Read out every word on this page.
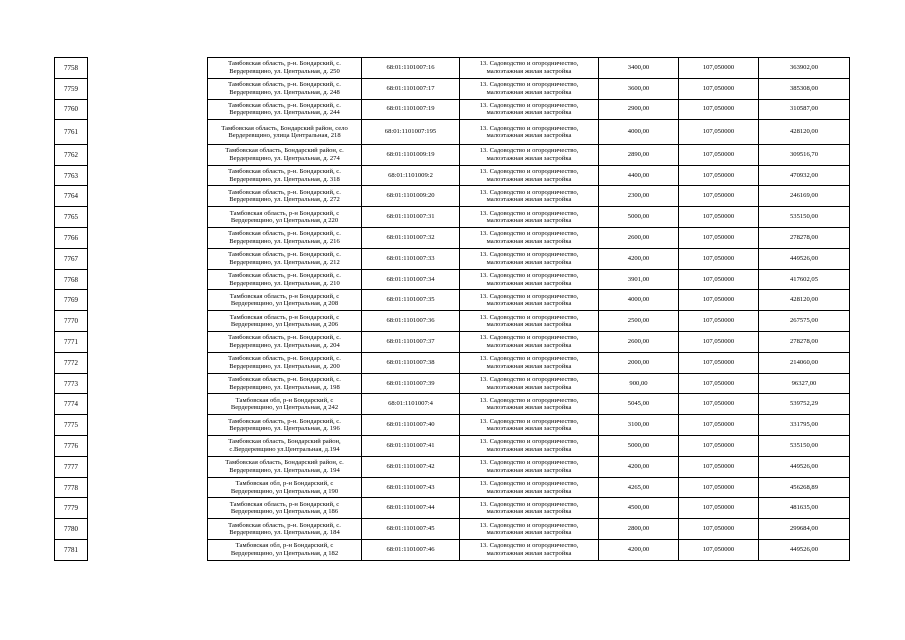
7758		Тамбовская область, р-н. Бондарский, с.
Вердеревщино, ул. Центральная, д. 250	68:01:1101007:16	13. Садоводство и огородничество,
малоэтажная жилая застройка	3400,00	107,050000	363902,00
7759		Тамбовская область, р-н. Бондарский, с.
Вердеревщино, ул. Центральная, д. 248	68:01:1101007:17	13. Садоводство и огородничество,
малоэтажная жилая застройка	3600,00	107,050000	385308,00
7760		Тамбовская область, р-н. Бондарский, с.
Вердеревщино, ул. Центральная, д. 244	68:01:1101007:19	13. Садоводство и огородничество,
малоэтажная жилая застройка	2900,00	107,050000	310587,00
7761		Тамбовская область, Бондарский район, село
Вердеревщино, улица Центральная, 218	68:01:1101007:195	13. Садоводство и огородничество,
малоэтажная жилая застройка	4000,00	107,050000	428120,00
7762		Тамбовская область, Бондарский район, с.
Вердеревщино, ул. Центральная, д. 274	68:01:1101009:19	13. Садоводство и огородничество,
малоэтажная жилая застройка	2890,00	107,050000	309516,70
7763		Тамбовская область, р-н. Бондарский, с.
Вердеревщино, ул. Центральная, д. 318	68:01:1101009:2	13. Садоводство и огородничество,
малоэтажная жилая застройка	4400,00	107,050000	470932,00
7764		Тамбовская область, р-н. Бондарский, с.
Вердеревщино, ул. Центральная, д. 272	68:01:1101009:20	13. Садоводство и огородничество,
малоэтажная жилая застройка	2300,00	107,050000	246169,00
7765		Тамбовская область, р-н Бондарский, с
Вердеревщино, ул Центральная, д 220	68:01:1101007:31	13. Садоводство и огородничество,
малоэтажная жилая застройка	5000,00	107,050000	535150,00
7766		Тамбовская область, р-н. Бондарский, с.
Вердеревщино, ул. Центральная, д. 216	68:01:1101007:32	13. Садоводство и огородничество,
малоэтажная жилая застройка	2600,00	107,050000	278278,00
7767		Тамбовская область, р-н. Бондарский, с.
Вердеревщино, ул. Центральная, д. 212	68:01:1101007:33	13. Садоводство и огородничество,
малоэтажная жилая застройка	4200,00	107,050000	449526,00
7768		Тамбовская область, р-н. Бондарский, с.
Вердеревщино, ул. Центральная, д. 210	68:01:1101007:34	13. Садоводство и огородничество,
малоэтажная жилая застройка	3901,00	107,050000	417602,05
7769		Тамбовская область, р-н Бондарский, с
Вердеревщино, ул Центральная, д 208	68:01:1101007:35	13. Садоводство и огородничество,
малоэтажная жилая застройка	4000,00	107,050000	428120,00
7770		Тамбовская область, р-н Бондарский, с
Вердеревщино, ул Центральная, д 206	68:01:1101007:36	13. Садоводство и огородничество,
малоэтажная жилая застройка	2500,00	107,050000	267575,00
7771		Тамбовская область, р-н. Бондарский, с.
Вердеревщино, ул. Центральная, д. 204	68:01:1101007:37	13. Садоводство и огородничество,
малоэтажная жилая застройка	2600,00	107,050000	278278,00
7772		Тамбовская область, р-н. Бондарский, с.
Вердеревщино, ул. Центральная, д. 200	68:01:1101007:38	13. Садоводство и огородничество,
малоэтажная жилая застройка	2000,00	107,050000	214060,00
7773		Тамбовская область, р-н. Бондарский, с.
Вердеревщино, ул. Центральная, д. 198	68:01:1101007:39	13. Садоводство и огородничество,
малоэтажная жилая застройка	900,00	107,050000	96327,00
7774		Тамбовская обл, р-н Бондарский, с
Вердеревщино, ул Центральная, д 242	68:01:1101007:4	13. Садоводство и огородничество,
малоэтажная жилая застройка	5045,00	107,050000	539752,29
7775		Тамбовская область, р-н. Бондарский, с.
Вердеревщино, ул. Центральная, д. 196	68:01:1101007:40	13. Садоводство и огородничество,
малоэтажная жилая застройка	3100,00	107,050000	331795,00
7776		Тамбовская область, Бондарский район,
с.Вердеревщино ул.Центральная, д.194	68:01:1101007:41	13. Садоводство и огородничество,
малоэтажная жилая застройка	5000,00	107,050000	535150,00
7777		Тамбовская область, Бондарский район, с.
Вердеревщино, ул. Центральная, д. 194	68:01:1101007:42	13. Садоводство и огородничество,
малоэтажная жилая застройка	4200,00	107,050000	449526,00
7778		Тамбовская обл, р-н Бондарский, с
Вердеревщино, ул Центральная, д 190	68:01:1101007:43	13. Садоводство и огородничество,
малоэтажная жилая застройка	4265,00	107,050000	456268,89
7779		Тамбовская область, р-н Бондарский, с
Вердеревщино, ул Центральная, д 186	68:01:1101007:44	13. Садоводство и огородничество,
малоэтажная жилая застройка	4500,00	107,050000	481635,00
7780		Тамбовская область, р-н. Бондарский, с.
Вердеревщино, ул. Центральная, д. 184	68:01:1101007:45	13. Садоводство и огородничество,
малоэтажная жилая застройка	2800,00	107,050000	299684,00
7781		Тамбовская обл, р-н Бондарский, с
Вердеревщино, ул Центральная, д 182	68:01:1101007:46	13. Садоводство и огородничество,
малоэтажная жилая застройка	4200,00	107,050000	449526,00
